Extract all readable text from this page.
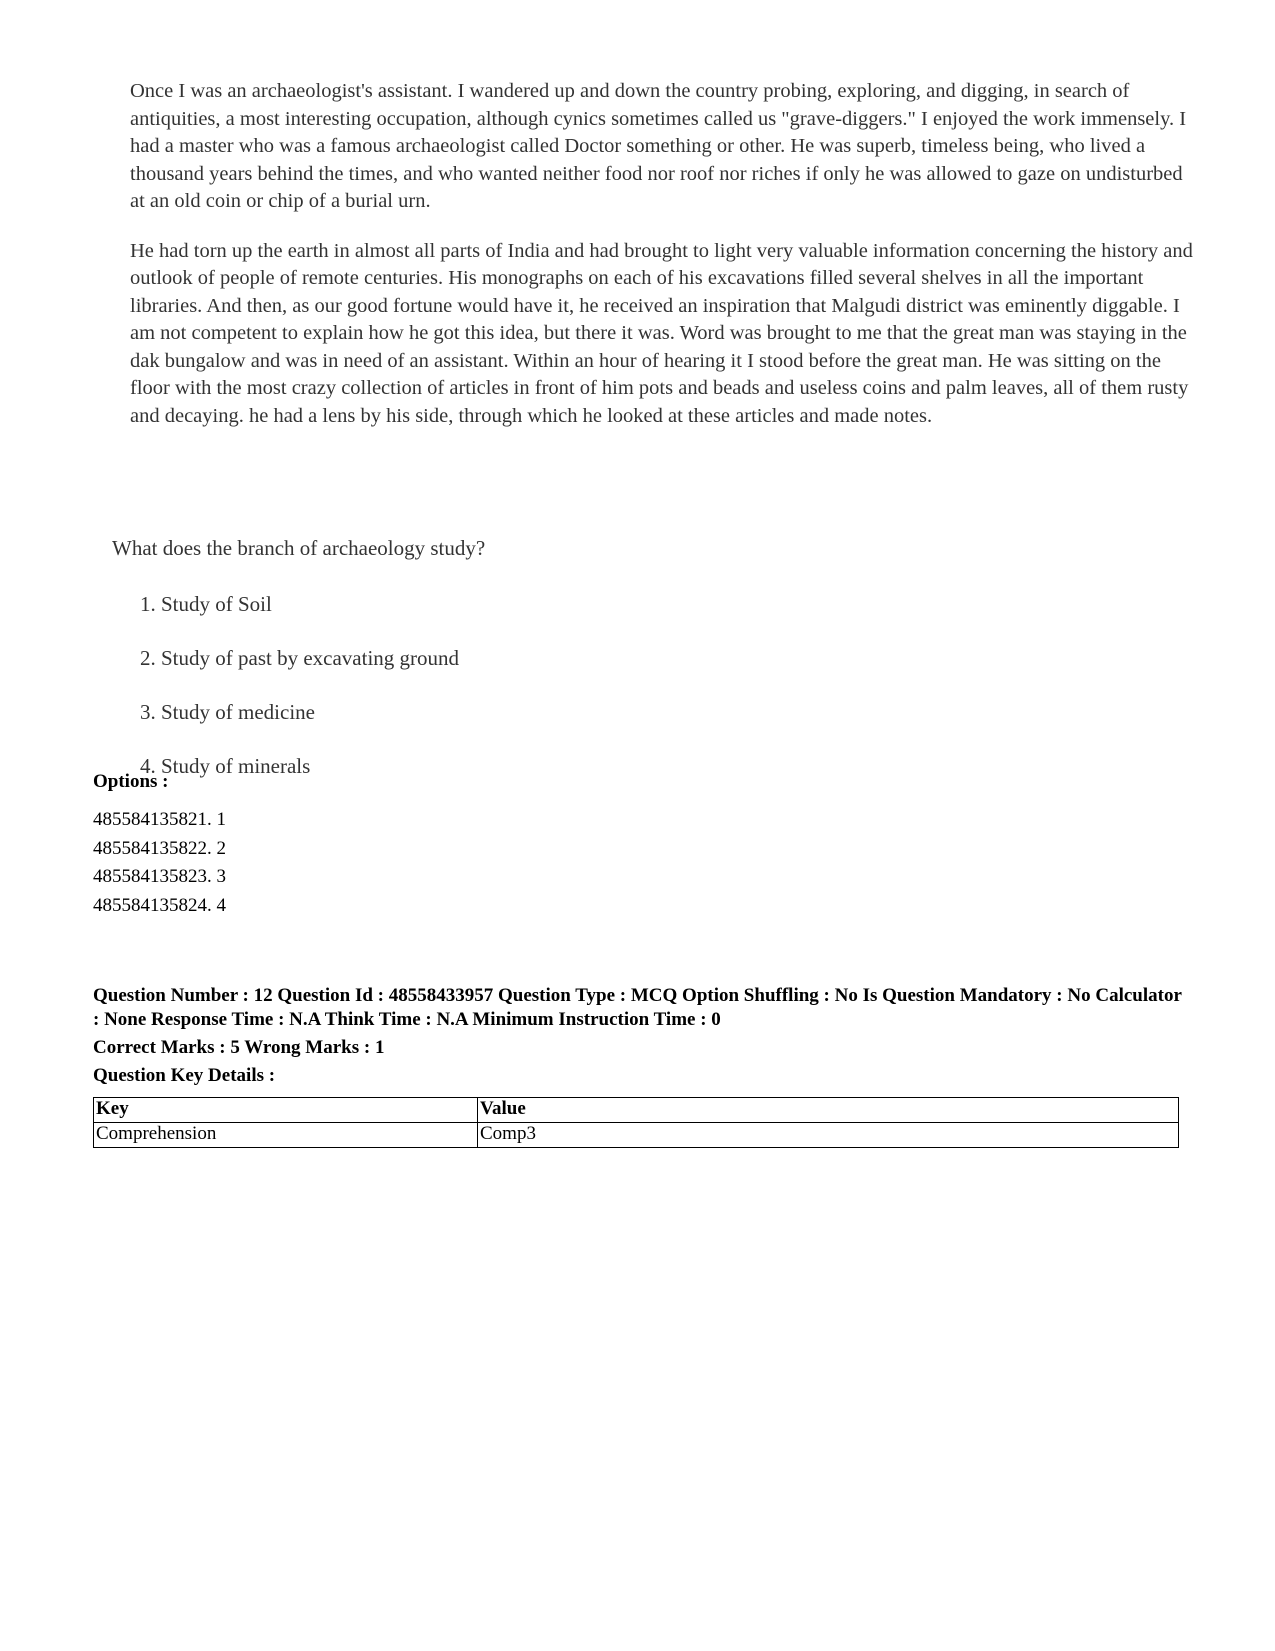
Once I was an archaeologist's assistant. I wandered up and down the country probing, exploring, and digging, in search of antiquities, a most interesting occupation, although cynics sometimes called us "grave-diggers." I enjoyed the work immensely. I had a master who was a famous archaeologist called Doctor something or other. He was superb, timeless being, who lived a thousand years behind the times, and who wanted neither food nor roof nor riches if only he was allowed to gaze on undisturbed at an old coin or chip of a burial urn.

He had torn up the earth in almost all parts of India and had brought to light very valuable information concerning the history and outlook of people of remote centuries. His monographs on each of his excavations filled several shelves in all the important libraries. And then, as our good fortune would have it, he received an inspiration that Malgudi district was eminently diggable. I am not competent to explain how he got this idea, but there it was. Word was brought to me that the great man was staying in the dak bungalow and was in need of an assistant. Within an hour of hearing it I stood before the great man. He was sitting on the floor with the most crazy collection of articles in front of him pots and beads and useless coins and palm leaves, all of them rusty and decaying. he had a lens by his side, through which he looked at these articles and made notes.

What does the branch of archaeology study?

1. Study of Soil
2. Study of past by excavating ground
3. Study of medicine
4. Study of minerals
Options :
485584135821. 1
485584135822. 2
485584135823. 3
485584135824. 4

Question Number : 12 Question Id : 48558433957 Question Type : MCQ Option Shuffling : No Is Question Mandatory : No Calculator : None Response Time : N.A Think Time : N.A Minimum Instruction Time : 0

Correct Marks : 5 Wrong Marks : 1

Question Key Details :

Key	Value
Comprehension	Comp3
